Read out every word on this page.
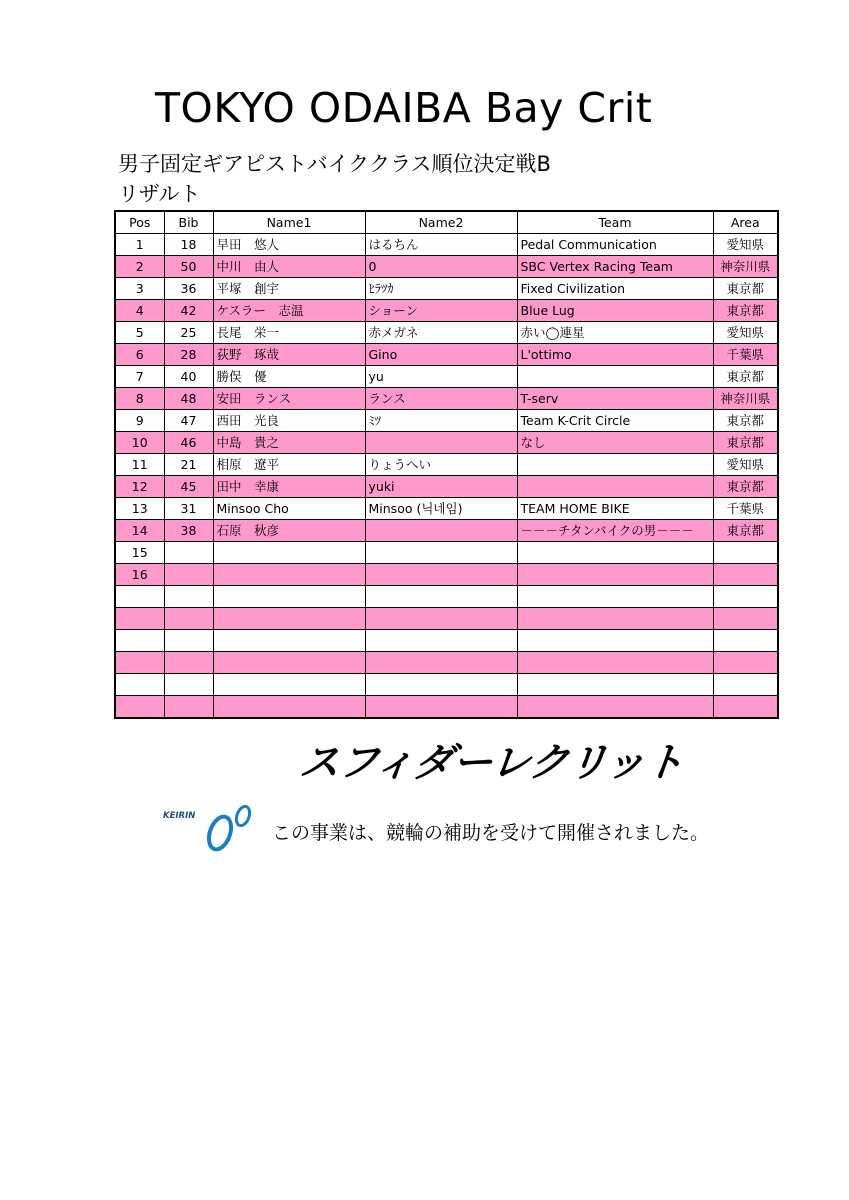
TOKYO ODAIBA Bay Crit
男子固定ギアピストバイククラス順位決定戦B
リザルト
Pos	Bib	Name1	Name2	Team	Area
1	18	早田　悠人	はるちん	Pedal Communication	愛知県
2	50	中川　由人	0	SBC Vertex Racing Team	神奈川県
3	36	平塚　創宇	ﾋﾗﾂｶ	Fixed Civilization	東京都
4	42	ケスラー　志温	ショーン	Blue Lug	東京都
5	25	長尾　栄一	赤メガネ	赤い◯連星	愛知県
6	28	荻野　琢哉	Gino	L'ottimo	千葉県
7	40	勝俣　優	yu		東京都
8	48	安田　ランス	ランス	T-serv	神奈川県
9	47	西田　光良	ﾐﾂ	Team K-Crit Circle	東京都
10	46	中島　貴之		なし	東京都
11	21	相原　遼平	りょうへい		愛知県
12	45	田中　幸康	yuki		東京都
13	31	Minsoo Cho	Minsoo (닉네임)	TEAM HOME BIKE	千葉県
14	38	石原　秋彦		－－－チタンバイクの男－－－	東京都
15					
16					

スフィダーレクリット
KEIRIN
この事業は、競輪の補助を受けて開催されました。
